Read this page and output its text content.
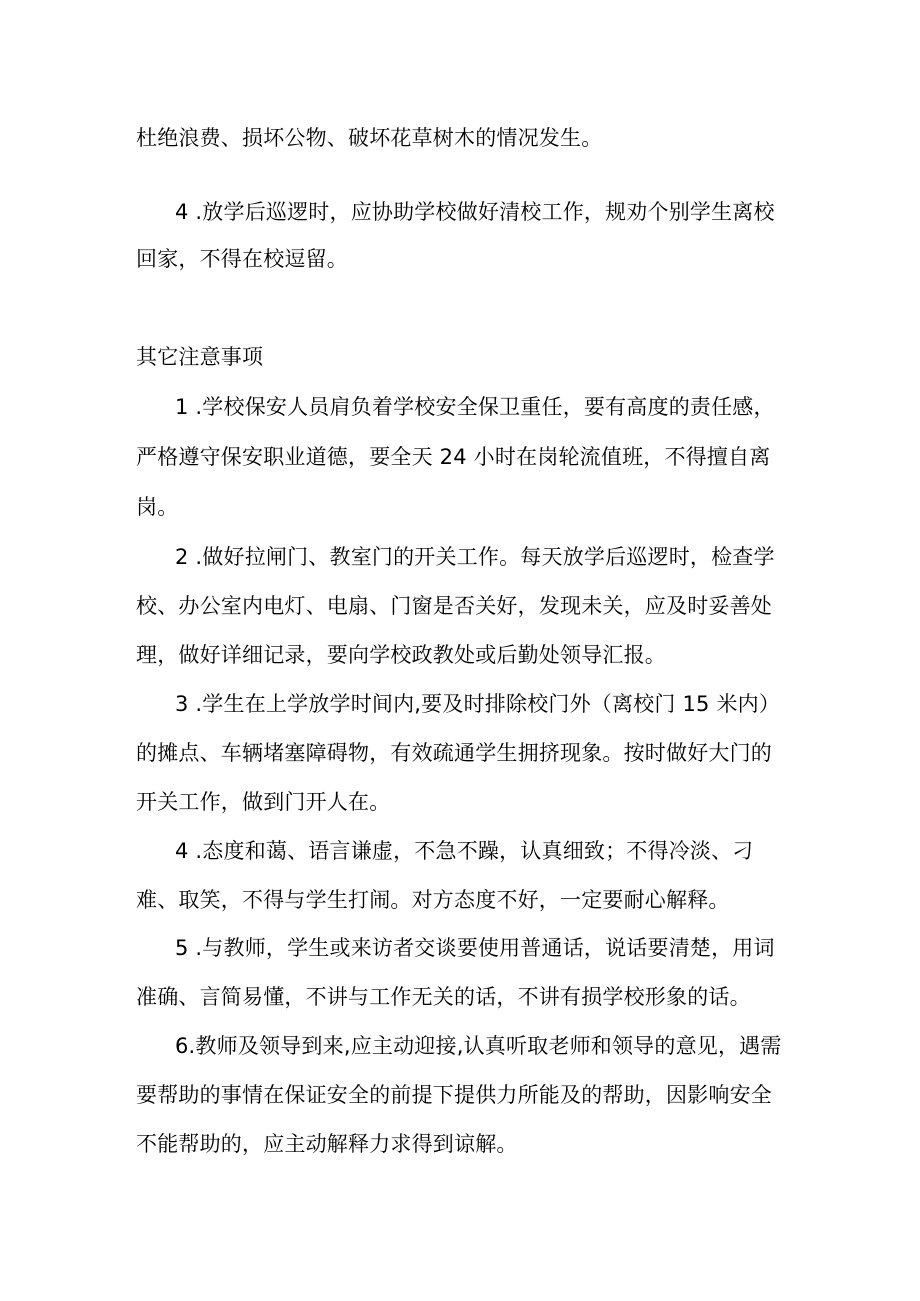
杜绝浪费、损坏公物、破坏花草树木的情况发生。
4 .放学后巡逻时，应协助学校做好清校工作，规劝个别学生离校
回家，不得在校逗留。
其它注意事项
1 .学校保安人员肩负着学校安全保卫重任，要有高度的责任感，
严格遵守保安职业道德，要全天 24 小时在岗轮流值班，不得擅自离
岗。
2 .做好拉闸门、教室门的开关工作。每天放学后巡逻时，检查学
校、办公室内电灯、电扇、门窗是否关好，发现未关，应及时妥善处
理，做好详细记录，要向学校政教处或后勤处领导汇报。
3 .学生在上学放学时间内,要及时排除校门外（离校门 15 米内）
的摊点、车辆堵塞障碍物，有效疏通学生拥挤现象。按时做好大门的
开关工作，做到门开人在。
4 .态度和蔼、语言谦虚，不急不躁，认真细致；不得冷淡、刁
难、取笑，不得与学生打闹。对方态度不好，一定要耐心解释。
5 .与教师，学生或来访者交谈要使用普通话，说话要清楚，用词
准确、言简易懂，不讲与工作无关的话，不讲有损学校形象的话。
6.教师及领导到来,应主动迎接,认真听取老师和领导的意见，遇需
要帮助的事情在保证安全的前提下提供力所能及的帮助，因影响安全
不能帮助的，应主动解释力求得到谅解。
